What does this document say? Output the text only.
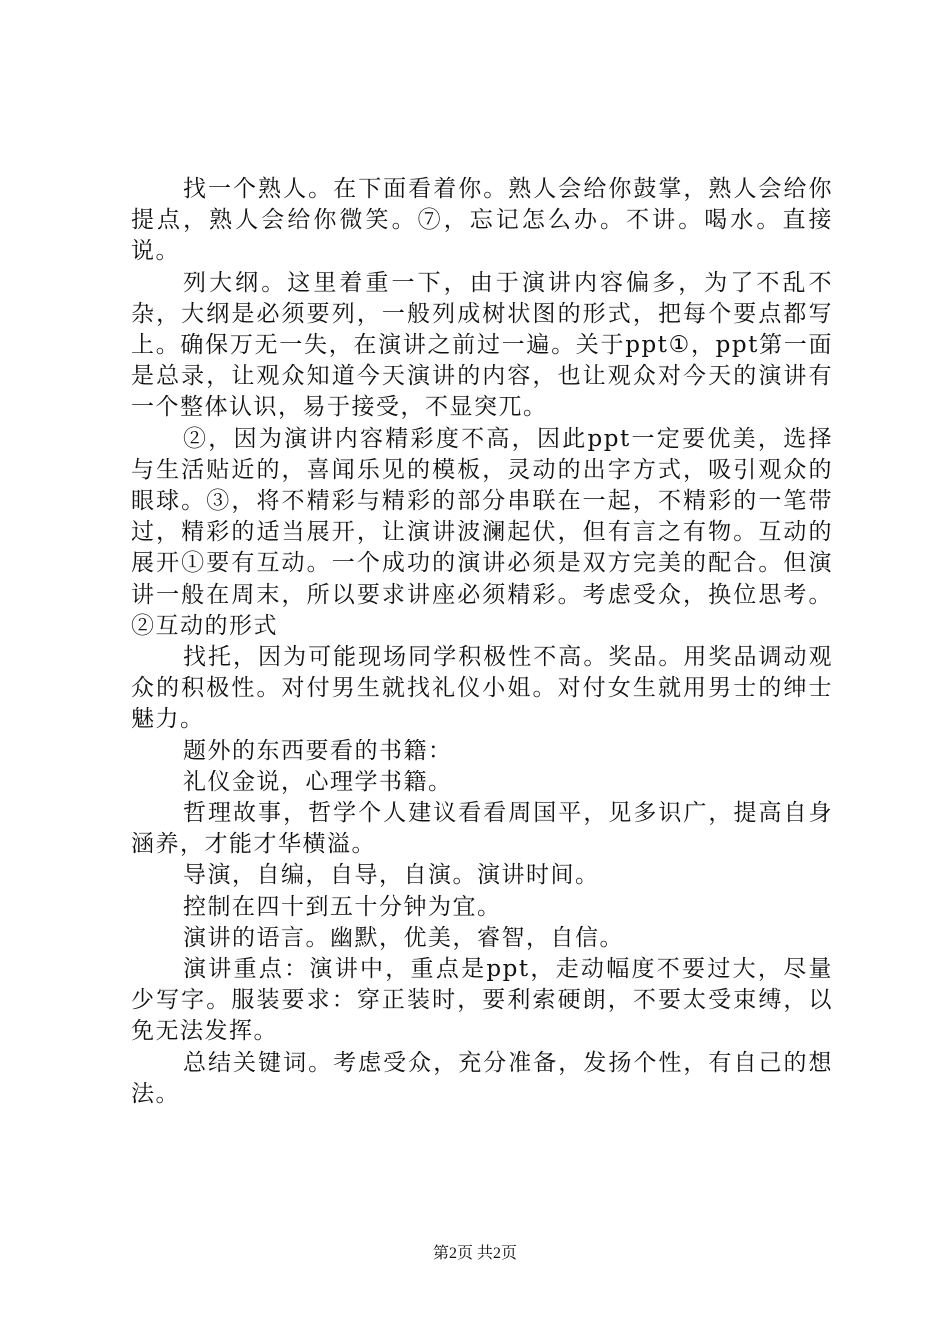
找一个熟人。在下面看着你。熟人会给你鼓掌，熟人会给你提点，熟人会给你微笑。⑦，忘记怎么办。不讲。喝水。直接说。

列大纲。这里着重一下，由于演讲内容偏多，为了不乱不杂，大纲是必须要列，一般列成树状图的形式，把每个要点都写上。确保万无一失，在演讲之前过一遍。关于ppt①，ppt第一面是总录，让观众知道今天演讲的内容，也让观众对今天的演讲有一个整体认识，易于接受，不显突兀。

②，因为演讲内容精彩度不高，因此ppt一定要优美，选择与生活贴近的，喜闻乐见的模板，灵动的出字方式，吸引观众的眼球。③，将不精彩与精彩的部分串联在一起，不精彩的一笔带过，精彩的适当展开，让演讲波澜起伏，但有言之有物。互动的展开①要有互动。一个成功的演讲必须是双方完美的配合。但演讲一般在周末，所以要求讲座必须精彩。考虑受众，换位思考。②互动的形式

找托，因为可能现场同学积极性不高。奖品。用奖品调动观众的积极性。对付男生就找礼仪小姐。对付女生就用男士的绅士魅力。

题外的东西要看的书籍：

礼仪金说，心理学书籍。

哲理故事，哲学个人建议看看周国平，见多识广，提高自身涵养，才能才华横溢。

导演，自编，自导，自演。演讲时间。

控制在四十到五十分钟为宜。

演讲的语言。幽默，优美，睿智，自信。

演讲重点：演讲中，重点是ppt，走动幅度不要过大，尽量少写字。服装要求：穿正装时，要利索硬朗，不要太受束缚，以免无法发挥。

总结关键词。考虑受众，充分准备，发扬个性，有自己的想法。

第2页 共2页
